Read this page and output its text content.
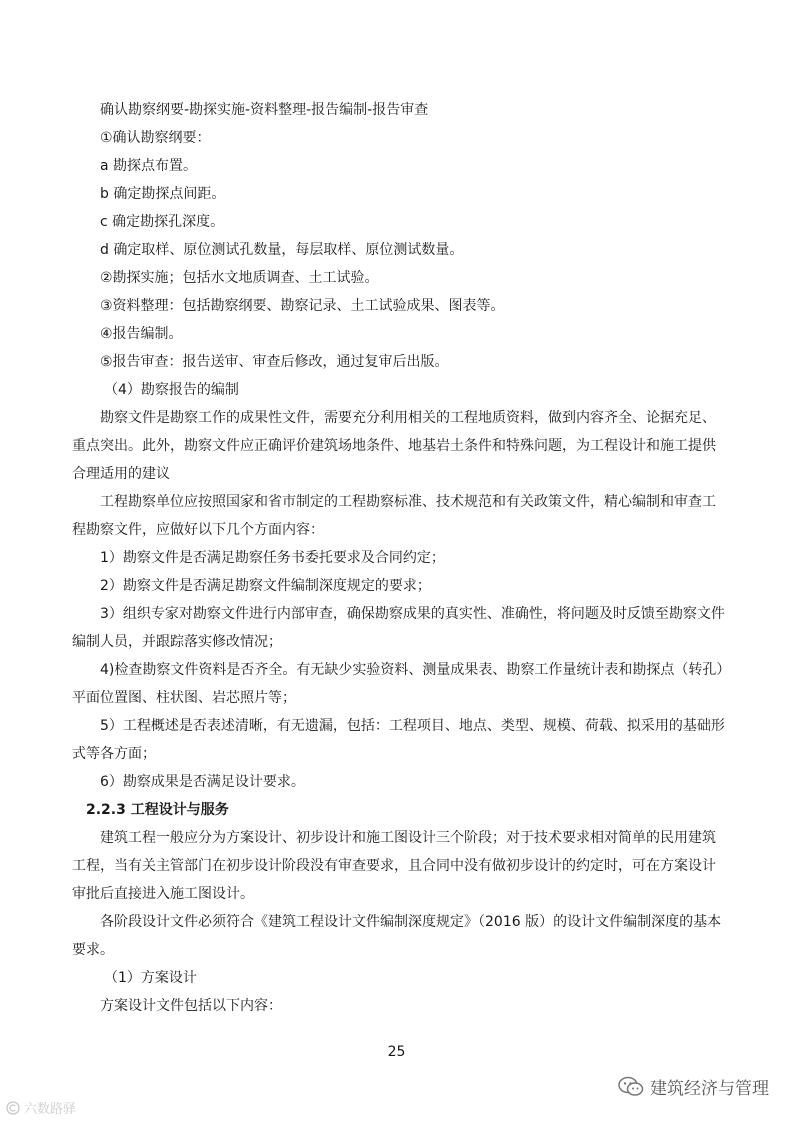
确认勘察纲要-勘探实施-资料整理-报告编制-报告审查

①确认勘察纲要：

a 勘探点布置。

b 确定勘探点间距。

c 确定勘探孔深度。

d 确定取样、原位测试孔数量，每层取样、原位测试数量。

②勘探实施；包括水文地质调查、土工试验。

③资料整理：包括勘察纲要、勘察记录、土工试验成果、图表等。

④报告编制。

⑤报告审查：报告送审、审查后修改，通过复审后出版。

（4）勘察报告的编制

勘察文件是勘察工作的成果性文件，需要充分利用相关的工程地质资料，做到内容齐全、论据充足、

重点突出。此外，勘察文件应正确评价建筑场地条件、地基岩土条件和特殊问题，为工程设计和施工提供

合理适用的建议

工程勘察单位应按照国家和省市制定的工程勘察标准、技术规范和有关政策文件，精心编制和审查工

程勘察文件，应做好以下几个方面内容：

1）勘察文件是否满足勘察任务书委托要求及合同约定；

2）勘察文件是否满足勘察文件编制深度规定的要求；

3）组织专家对勘察文件进行内部审查，确保勘察成果的真实性、准确性，将问题及时反馈至勘察文件

编制人员，并跟踪落实修改情况；

4)检查勘察文件资料是否齐全。有无缺少实验资料、测量成果表、勘察工作量统计表和勘探点（转孔）

平面位置图、柱状图、岩芯照片等；

5）工程概述是否表述清晰，有无遗漏，包括：工程项目、地点、类型、规模、荷载、拟采用的基础形

式等各方面；

6）勘察成果是否满足设计要求。

2.2.3 工程设计与服务

建筑工程一般应分为方案设计、初步设计和施工图设计三个阶段；对于技术要求相对简单的民用建筑

工程，当有关主管部门在初步设计阶段没有审查要求，且合同中没有做初步设计的约定时，可在方案设计

审批后直接进入施工图设计。

各阶段设计文件必须符合《建筑工程设计文件编制深度规定》（2016 版）的设计文件编制深度的基本

要求。

（1）方案设计

方案设计文件包括以下内容：

25
建筑经济与管理
六数路驿
